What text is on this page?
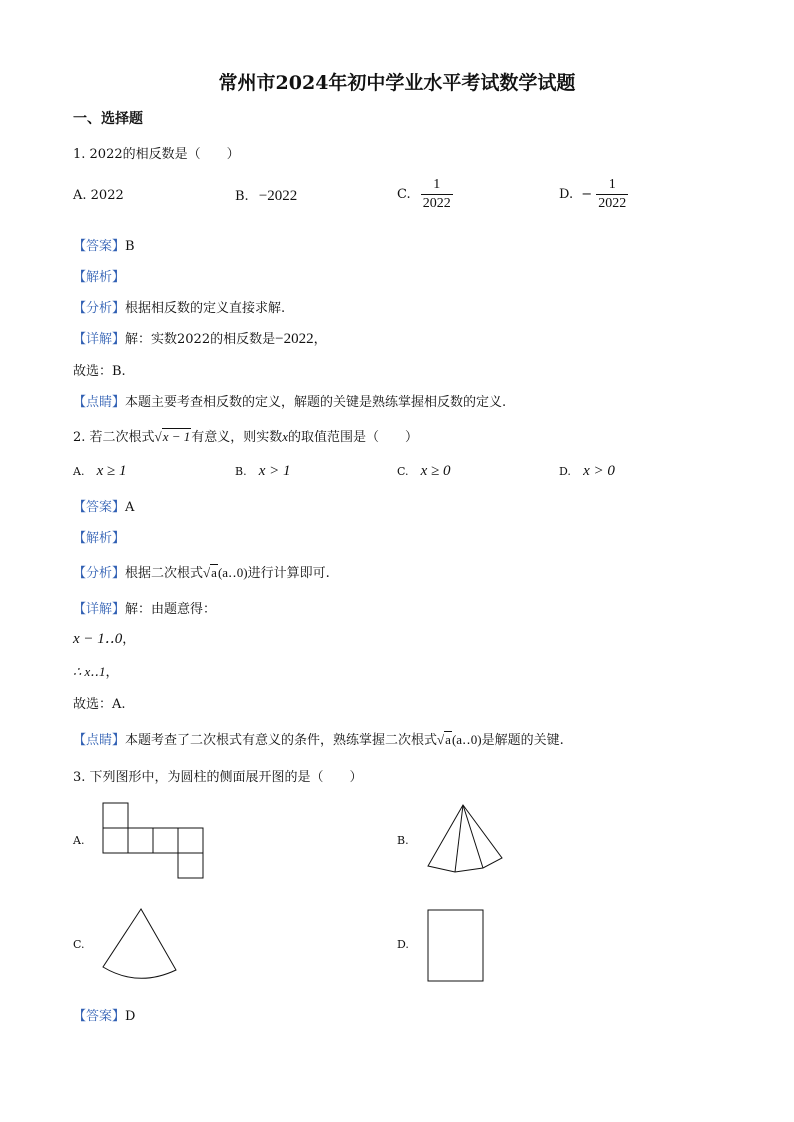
常州市2024年初中学业水平考试数学试题
一、选择题
1. 2022的相反数是（　　）
A. 2022	B. −2022	C. $\frac{1}{2022}$	D. − $\frac{1}{2022}$
【答案】B
【解析】
【分析】根据相反数的定义直接求解.
【详解】解：实数2022的相反数是−2022，
故选：B.
【点睛】本题主要考查相反数的定义，解题的关键是熟练掌握相反数的定义.
2. 若二次根式√x − 1有意义，则实数x的取值范围是（　　）
A. x ≥ 1	B. x > 1	C. x ≥ 0	D. x > 0
【答案】A
【解析】
【分析】根据二次根式√a(a‥0)进行计算即可.
【详解】解：由题意得：
x − 1‥0，
∴ x‥1，
故选：A.
【点睛】本题考查了二次根式有意义的条件，熟练掌握二次根式√a(a‥0)是解题的关键.
3. 下列图形中，为圆柱的侧面展开图的是（　　）
A.	B.
C.	D.
【答案】D
